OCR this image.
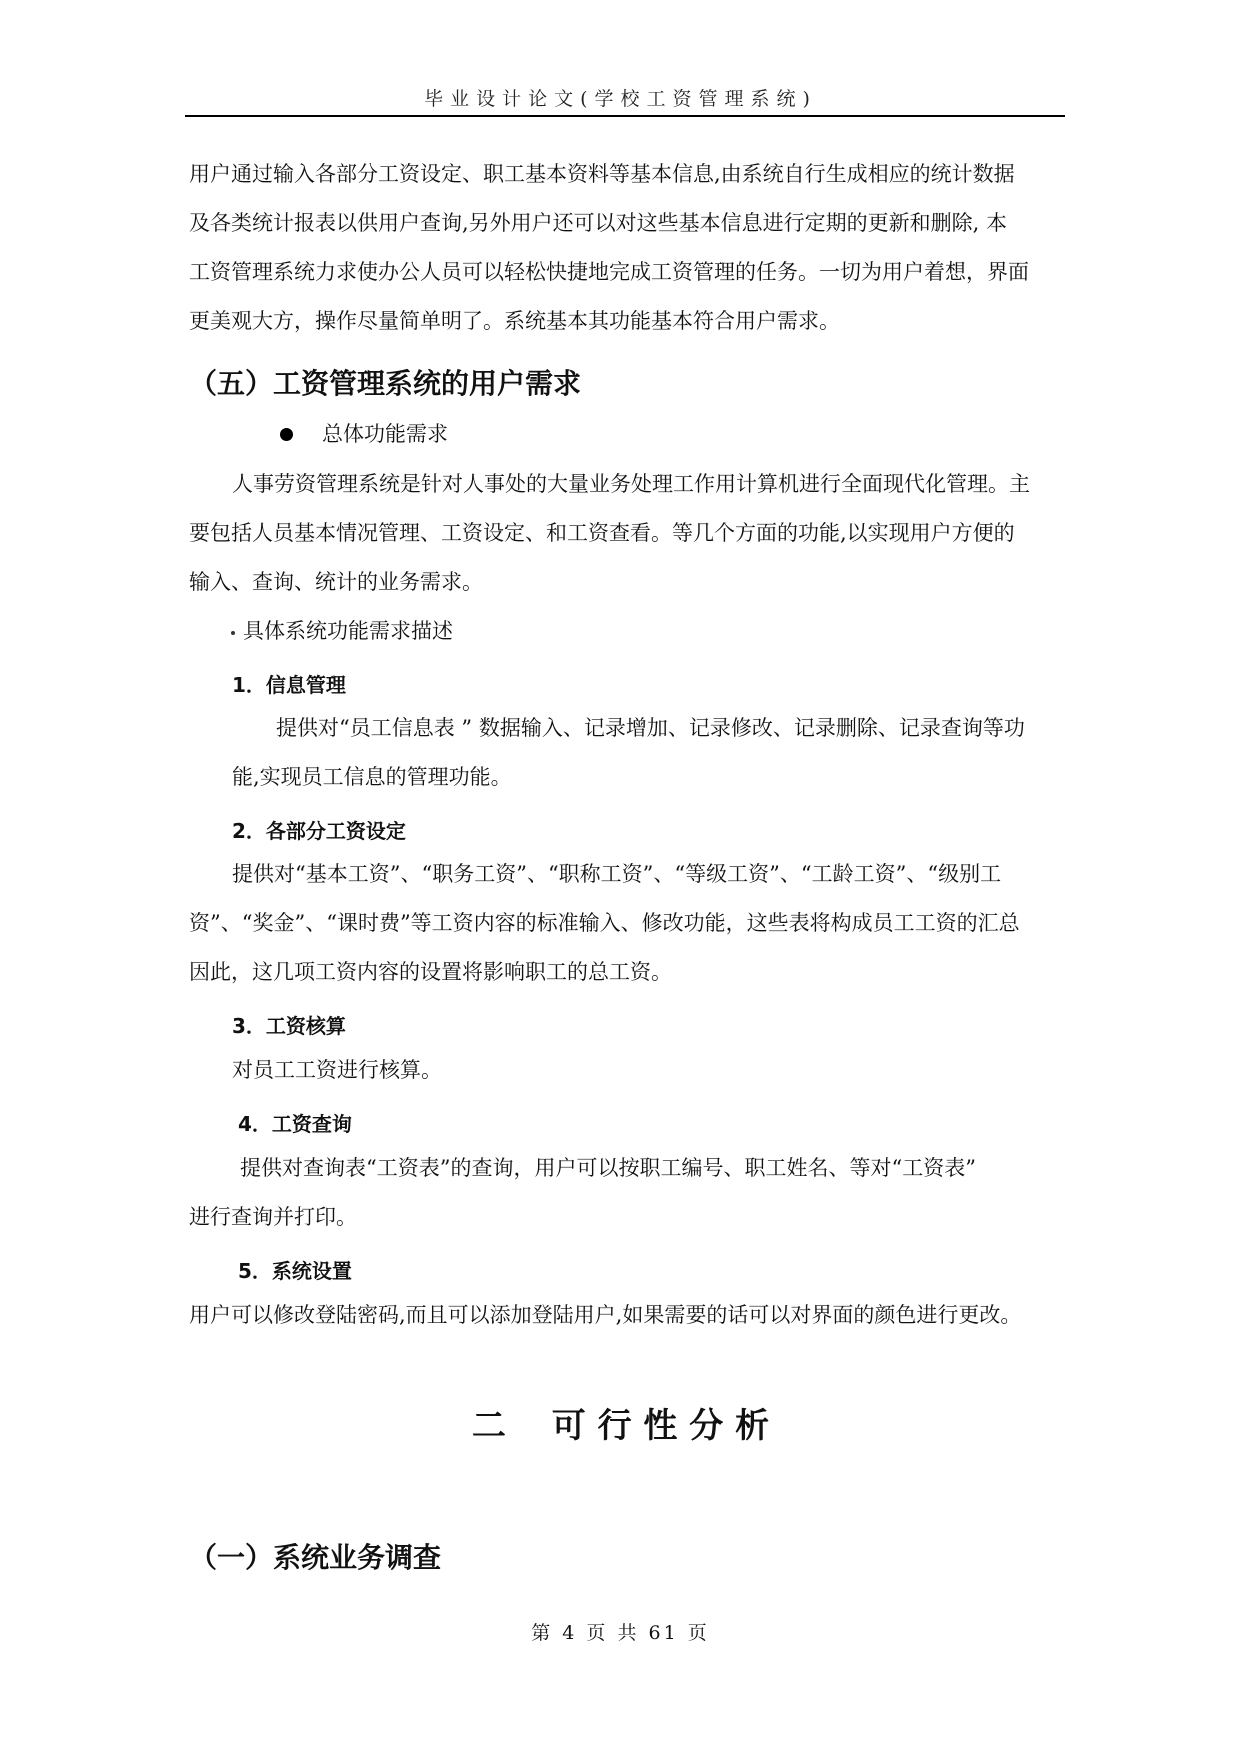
毕业设计论文(学校工资管理系统)
用户通过输入各部分工资设定、职工基本资料等基本信息,由系统自行生成相应的统计数据
及各类统计报表以供用户查询,另外用户还可以对这些基本信息进行定期的更新和删除, 本
工资管理系统力求使办公人员可以轻松快捷地完成工资管理的任务。一切为用户着想，界面
更美观大方，操作尽量简单明了。系统基本其功能基本符合用户需求。
（五）工资管理系统的用户需求
总体功能需求
人事劳资管理系统是针对人事处的大量业务处理工作用计算机进行全面现代化管理。主
要包括人员基本情况管理、工资设定、和工资查看。等几个方面的功能,以实现用户方便的
输入、查询、统计的业务需求。
具体系统功能需求描述
1．信息管理
提供对“员工信息表 ” 数据输入、记录增加、记录修改、记录删除、记录查询等功
能,实现员工信息的管理功能。
2．各部分工资设定
提供对“基本工资”、“职务工资”、“职称工资”、“等级工资”、“工龄工资”、“级别工
资”、“奖金”、“课时费”等工资内容的标准输入、修改功能，这些表将构成员工工资的汇总
因此，这几项工资内容的设置将影响职工的总工资。
3．工资核算
对员工工资进行核算。
4．工资查询
提供对查询表“工资表”的查询，用户可以按职工编号、职工姓名、等对“工资表”
进行查询并打印。
5．系统设置
用户可以修改登陆密码,而且可以添加登陆用户,如果需要的话可以对界面的颜色进行更改。
二　 可 行 性 分 析
（一）系统业务调查
第 4 页 共 61 页
